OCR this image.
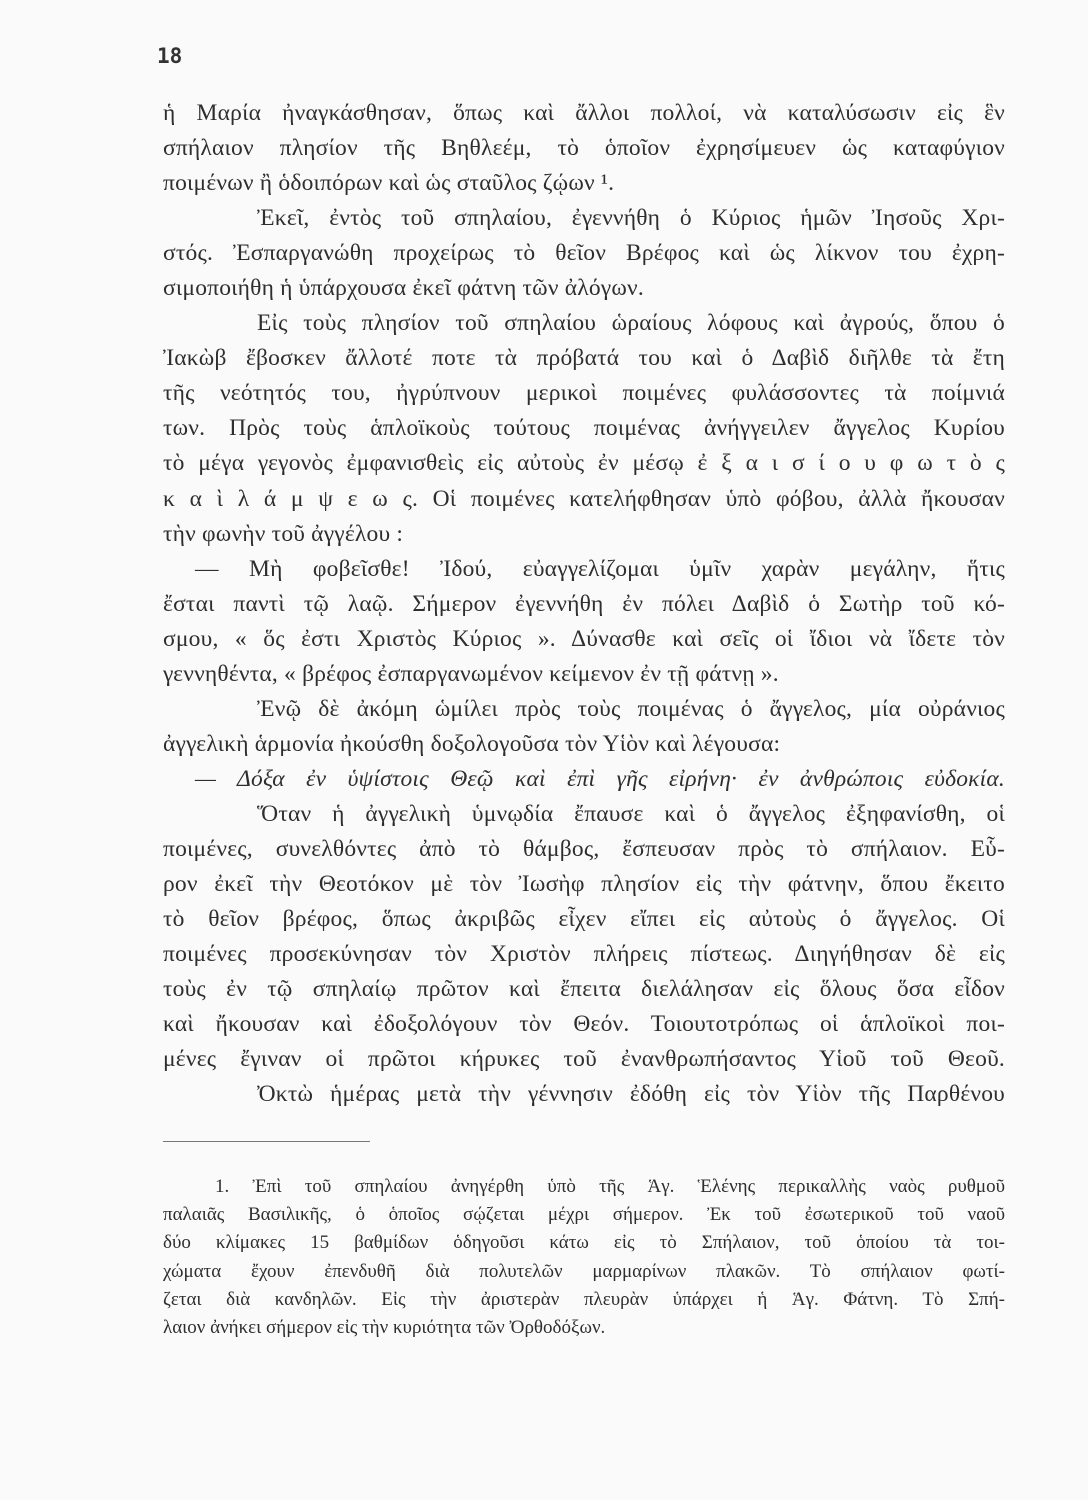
18
ἡ Μαρία ἠναγκάσθησαν, ὅπως καὶ ἄλλοι πολλοί, νὰ καταλύσωσιν εἰς ἓν
σπήλαιον πλησίον τῆς Βηθλεέμ, τὸ ὁποῖον ἐχρησίμευεν ὡς καταφύγιον
ποιμένων ἢ ὁδοιπόρων καὶ ὡς σταῦλος ζῴων ¹.
Ἐκεῖ, ἐντὸς τοῦ σπηλαίου, ἐγεννήθη ὁ Κύριος ἡμῶν Ἰησοῦς Χρι-
στός. Ἐσπαργανώθη προχείρως τὸ θεῖον Βρέφος καὶ ὡς λίκνον του ἐχρη-
σιμοποιήθη ἡ ὑπάρχουσα ἐκεῖ φάτνη τῶν ἀλόγων.
Εἰς τοὺς πλησίον τοῦ σπηλαίου ὡραίους λόφους καὶ ἀγρούς, ὅπου ὁ
Ἰακὼβ ἔβοσκεν ἄλλοτέ ποτε τὰ πρόβατά του καὶ ὁ Δαβὶδ διῆλθε τὰ ἔτη
τῆς νεότητός του, ἠγρύπνουν μερικοὶ ποιμένες φυλάσσοντες τὰ ποίμνιά
των. Πρὸς τοὺς ἁπλοϊκοὺς τούτους ποιμένας ἀνήγγειλεν ἄγγελος Κυρίου
τὸ μέγα γεγονὸς ἐμφανισθεὶς εἰς αὐτοὺς ἐν μέσῳ ἐ ξ α ι σ ί ο υ φ ω τ ὸ ς
κ α ὶ λ ά μ ψ ε ω ς. Οἱ ποιμένες κατελήφθησαν ὑπὸ φόβου, ἀλλὰ ἤκουσαν
τὴν φωνὴν τοῦ ἀγγέλου :
— Μὴ φοβεῖσθε! Ἰδού, εὐαγγελίζομαι ὑμῖν χαρὰν μεγάλην, ἥτις
ἔσται παντὶ τῷ λαῷ. Σήμερον ἐγεννήθη ἐν πόλει Δαβὶδ ὁ Σωτὴρ τοῦ κό-
σμου, « ὅς ἐστι Χριστὸς Κύριος ». Δύνασθε καὶ σεῖς οἱ ἴδιοι νὰ ἴδετε τὸν
γεννηθέντα, « βρέφος ἐσπαργανωμένον κείμενον ἐν τῇ φάτνῃ ».
Ἐνῷ δὲ ἀκόμη ὡμίλει πρὸς τοὺς ποιμένας ὁ ἄγγελος, μία οὐράνιος
ἀγγελικὴ ἁρμονία ἠκούσθη δοξολογοῦσα τὸν Υἱὸν καὶ λέγουσα:
— Δόξα ἐν ὑψίστοις Θεῷ καὶ ἐπὶ γῆς εἰρήνη· ἐν ἀνθρώποις εὐδοκία.
Ὅταν ἡ ἀγγελικὴ ὑμνῳδία ἔπαυσε καὶ ὁ ἄγγελος ἐξηφανίσθη, οἱ
ποιμένες, συνελθόντες ἀπὸ τὸ θάμβος, ἔσπευσαν πρὸς τὸ σπήλαιον. Εὗ-
ρον ἐκεῖ τὴν Θεοτόκον μὲ τὸν Ἰωσὴφ πλησίον εἰς τὴν φάτνην, ὅπου ἔκειτο
τὸ θεῖον βρέφος, ὅπως ἀκριβῶς εἶχεν εἴπει εἰς αὐτοὺς ὁ ἄγγελος. Οἱ
ποιμένες προσεκύνησαν τὸν Χριστὸν πλήρεις πίστεως. Διηγήθησαν δὲ εἰς
τοὺς ἐν τῷ σπηλαίῳ πρῶτον καὶ ἔπειτα διελάλησαν εἰς ὅλους ὅσα εἶδον
καὶ ἤκουσαν καὶ ἐδοξολόγουν τὸν Θεόν. Τοιουτοτρόπως οἱ ἁπλοϊκοὶ ποι-
μένες ἔγιναν οἱ πρῶτοι κήρυκες τοῦ ἐνανθρωπήσαντος Υἱοῦ τοῦ Θεοῦ.
Ὀκτὼ ἡμέρας μετὰ τὴν γέννησιν ἐδόθη εἰς τὸν Υἱὸν τῆς Παρθένου
1. Ἐπὶ τοῦ σπηλαίου ἀνηγέρθη ὑπὸ τῆς Ἁγ. Ἑλένης περικαλλὴς ναὸς ρυθμοῦ
παλαιᾶς Βασιλικῆς, ὁ ὁποῖος σῴζεται μέχρι σήμερον. Ἐκ τοῦ ἐσωτερικοῦ τοῦ ναοῦ
δύο κλίμακες 15 βαθμίδων ὁδηγοῦσι κάτω εἰς τὸ Σπήλαιον, τοῦ ὁποίου τὰ τοι-
χώματα ἔχουν ἐπενδυθῆ διὰ πολυτελῶν μαρμαρίνων πλακῶν. Τὸ σπήλαιον φωτί-
ζεται διὰ κανδηλῶν. Εἰς τὴν ἀριστερὰν πλευρὰν ὑπάρχει ἡ Ἁγ. Φάτνη. Τὸ Σπή-
λαιον ἀνήκει σήμερον εἰς τὴν κυριότητα τῶν Ὀρθοδόξων.
